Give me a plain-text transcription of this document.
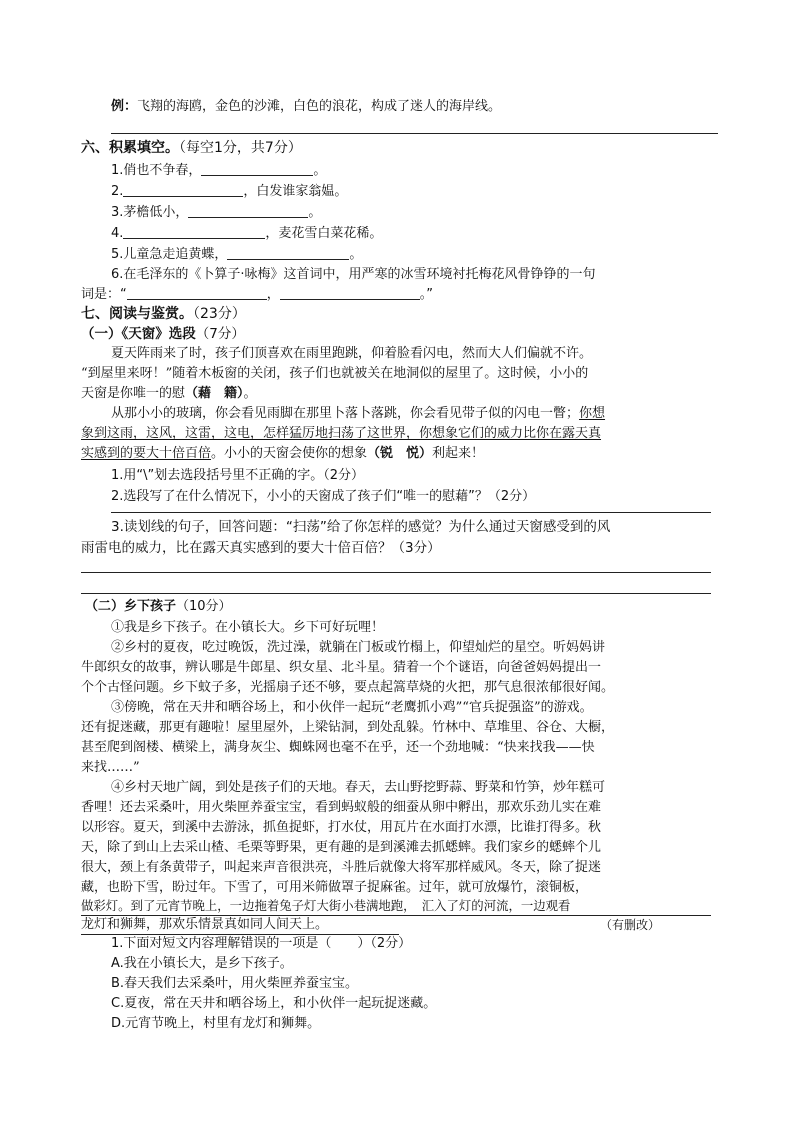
例：飞翔的海鸥，金色的沙滩，白色的浪花，构成了迷人的海岸线。
六、积累填空。（每空1分，共7分）
1.俏也不争春，	。
2.	，白发谁家翁媪。
3.茅檐低小，	。
4.	，麦花雪白菜花稀。
5.儿童急走追黄蝶，	。
6.在毛泽东的《卜算子·咏梅》这首词中，用严寒的冰雪环境衬托梅花风骨铮铮的一句
词是：“	，	。”
七、阅读与鉴赏。（23分）
（一）《天窗》选段（7分）
夏天阵雨来了时，孩子们顶喜欢在雨里跑跳，仰着脸看闪电，然而大人们偏就不许。
“到屋里来呀！”随着木板窗的关闭，孩子们也就被关在地洞似的屋里了。这时候，小小的
天窗是你唯一的慰（藉　籍）。
从那小小的玻璃，你会看见雨脚在那里卜落卜落跳，你会看见带子似的闪电一瞥；你想
象到这雨，这风，这雷，这电，怎样猛厉地扫荡了这世界，你想象它们的威力比你在露天真
实感到的要大十倍百倍。小小的天窗会使你的想象（锐　悦）利起来！
1.用“\”划去选段括号里不正确的字。（2分）
2.选段写了在什么情况下，小小的天窗成了孩子们“唯一的慰藉”？（2分）
3.读划线的句子，回答问题：“扫荡”给了你怎样的感觉？为什么通过天窗感受到的风
雨雷电的威力，比在露天真实感到的要大十倍百倍？（3分）
（二）乡下孩子（10分）
①我是乡下孩子。在小镇长大。乡下可好玩哩！
②乡村的夏夜，吃过晚饭，洗过澡，就躺在门板或竹榻上，仰望灿烂的星空。听妈妈讲
牛郎织女的故事，辨认哪是牛郎星、织女星、北斗星。猜着一个个谜语，向爸爸妈妈提出一
个个古怪问题。乡下蚊子多，光摇扇子还不够，要点起篙草烧的火把，那气息很浓郁很好闻。
③傍晚，常在天井和晒谷场上，和小伙伴一起玩“老鹰抓小鸡”“官兵捉强盗”的游戏。
还有捉迷藏，那更有趣啦！屋里屋外，上梁钻洞，到处乱躲。竹林中、草堆里、谷仓、大橱，
甚至爬到阁楼、横梁上，满身灰尘、蜘蛛网也毫不在乎，还一个劲地喊：“快来找我——快
来找……”
④乡村天地广阔，到处是孩子们的天地。春天，去山野挖野蒜、野菜和竹笋，炒年糕可
香哩！还去采桑叶，用火柴匣养蚕宝宝，看到蚂蚁般的细蚕从卵中孵出，那欢乐劲儿实在难
以形容。夏天，到溪中去游泳，抓鱼捉虾，打水仗，用瓦片在水面打水漂，比谁打得多。秋
天，除了到山上去采山楂、毛栗等野果，更有趣的是到溪滩去抓蟋蟀。我们家乡的蟋蟀个儿
很大，颈上有条黄带子，叫起来声音很洪亮，斗胜后就像大将军那样威风。冬天，除了捉迷
藏，也盼下雪，盼过年。下雪了，可用米筛做罩子捉麻雀。过年，就可放爆竹，滚铜板，
做彩灯。到了元宵节晚上，一边拖着兔子灯大街小巷满地跑，　汇入了灯的河流，一边观看
龙灯和狮舞，那欢乐情景真如同人间天上。	（有删改）
1.下面对短文内容理解错误的一项是（　　）（2分）
A.我在小镇长大，是乡下孩子。
B.春天我们去采桑叶，用火柴匣养蚕宝宝。
C.夏夜，常在天井和晒谷场上，和小伙伴一起玩捉迷藏。
D.元宵节晚上，村里有龙灯和狮舞。
